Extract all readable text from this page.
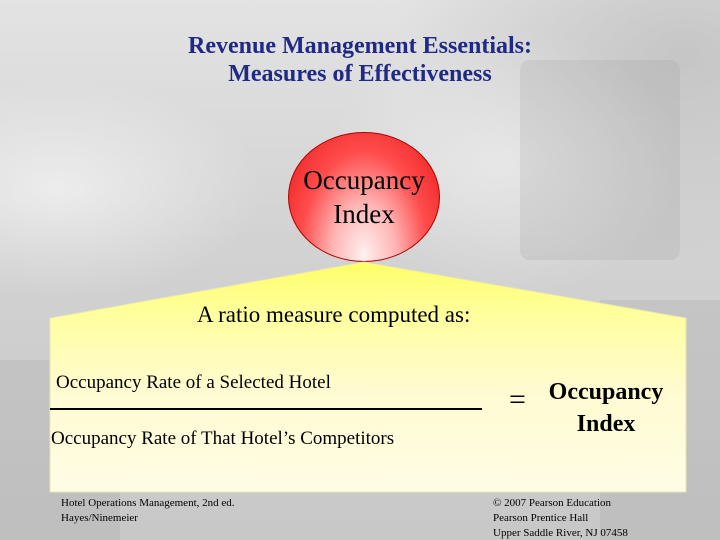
Revenue Management Essentials:
Measures of Effectiveness
Occupancy
Index
A ratio measure computed as:
Occupancy Rate of a Selected Hotel
Occupancy Rate of That Hotel’s Competitors
= Occupancy
Index
Hotel Operations Management, 2nd ed.
Hayes/Ninemeier
© 2007 Pearson Education
Pearson Prentice Hall
Upper Saddle River, NJ 07458
